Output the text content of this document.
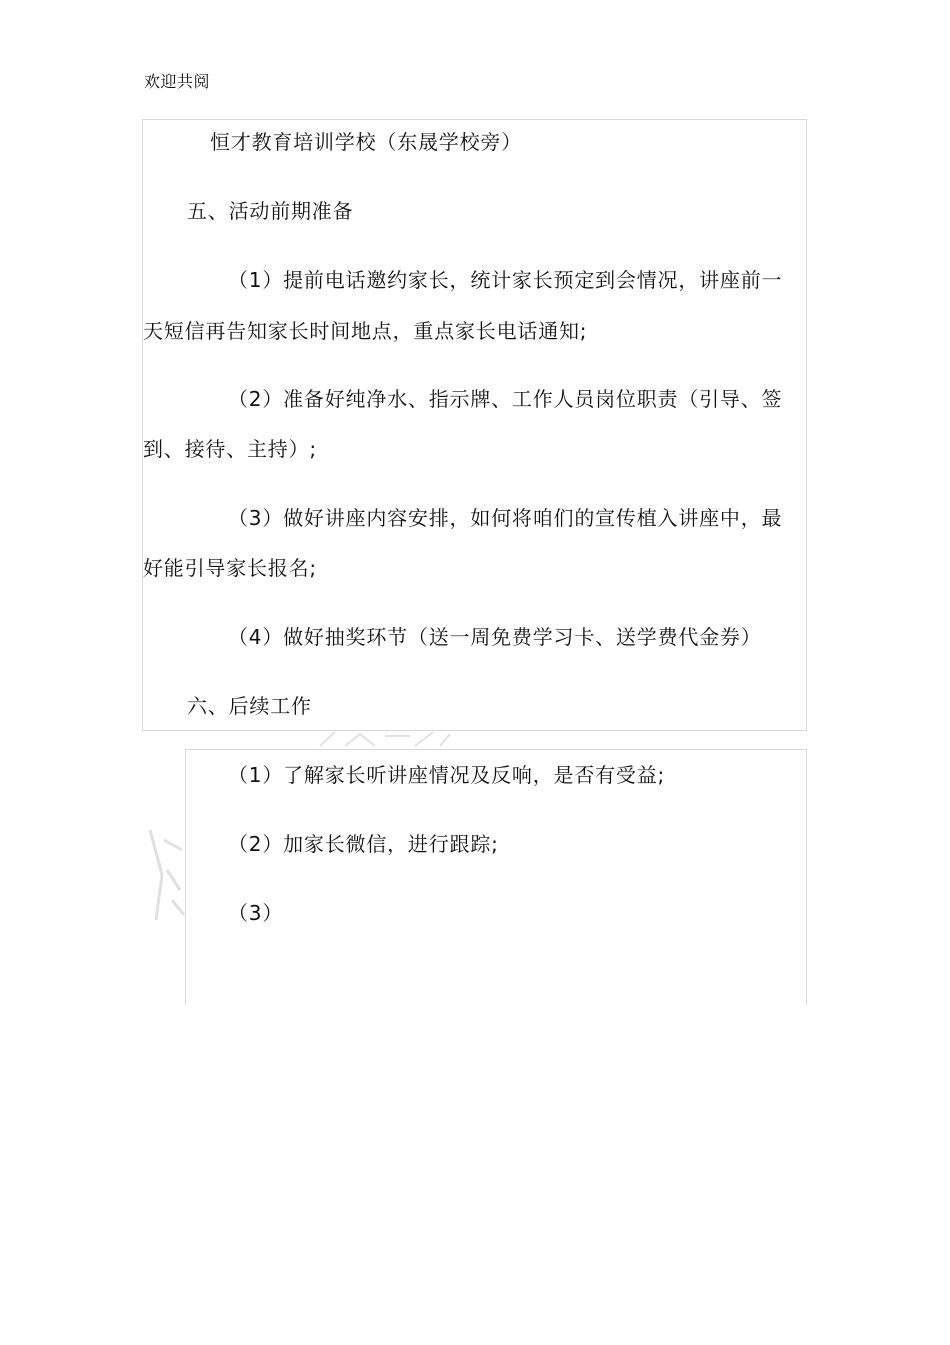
欢迎共阅
恒才教育培训学校（东晟学校旁）
五、活动前期准备
（1）提前电话邀约家长，统计家长预定到会情况，讲座前一
天短信再告知家长时间地点，重点家长电话通知;
（2）准备好纯净水、指示牌、工作人员岗位职责（引导、签
到、接待、主持）;
（3）做好讲座内容安排，如何将咱们的宣传植入讲座中，最
好能引导家长报名;
（4）做好抽奖环节（送一周免费学习卡、送学费代金券）
六、后续工作
（1）了解家长听讲座情况及反响，是否有受益;
（2）加家长微信，进行跟踪;
（3）
